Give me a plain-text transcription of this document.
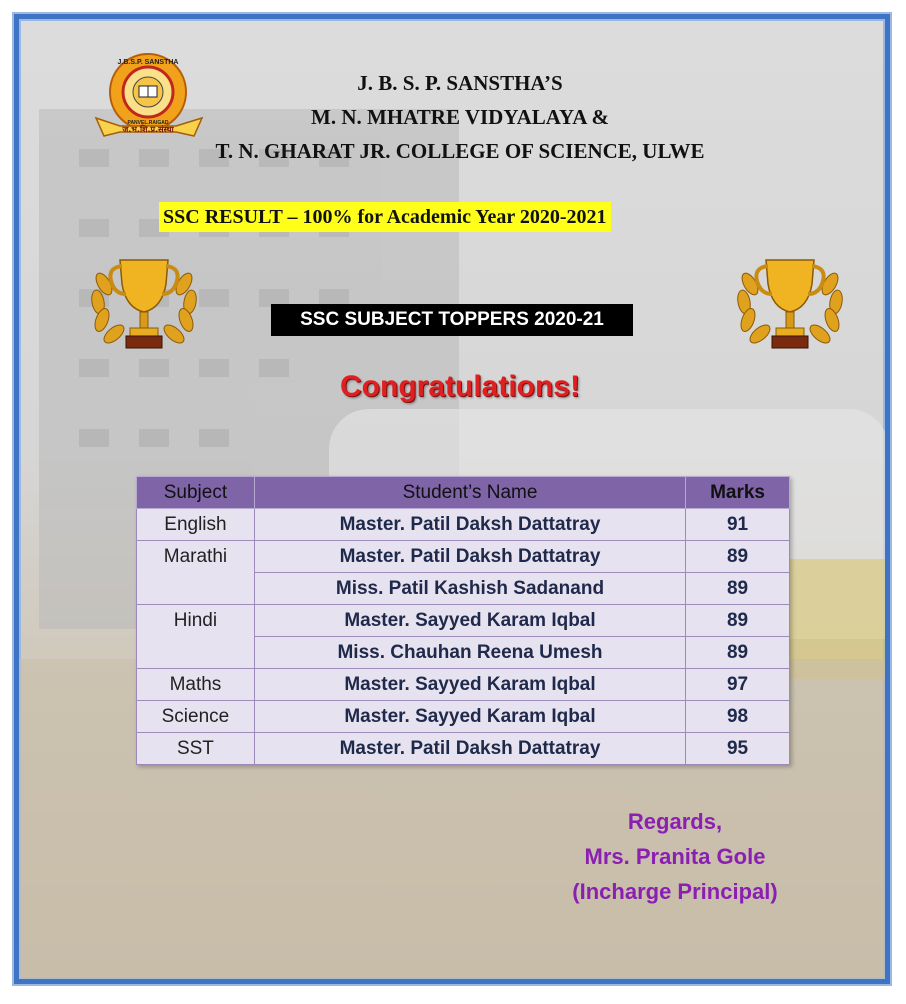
J.B.S.P. SANSTHA
PANVEL.RAIGAD
ज.भ.शि.प्र.संस्था
J. B. S. P. SANSTHA’S
M. N. MHATRE VIDYALAYA &
T. N. GHARAT JR. COLLEGE OF SCIENCE, ULWE
SSC RESULT – 100% for Academic Year 2020-2021
SSC SUBJECT TOPPERS 2020-21
Congratulations!
Subject	Student’s Name	Marks
English	Master. Patil Daksh Dattatray	91
Marathi	Master. Patil Daksh Dattatray	89
	Miss. Patil Kashish Sadanand	89
Hindi	Master. Sayyed Karam Iqbal	89
	Miss. Chauhan Reena Umesh	89
Maths	Master. Sayyed Karam Iqbal	97
Science	Master. Sayyed Karam Iqbal	98
SST	Master. Patil Daksh Dattatray	95
Regards,
Mrs. Pranita Gole
(Incharge Principal)
